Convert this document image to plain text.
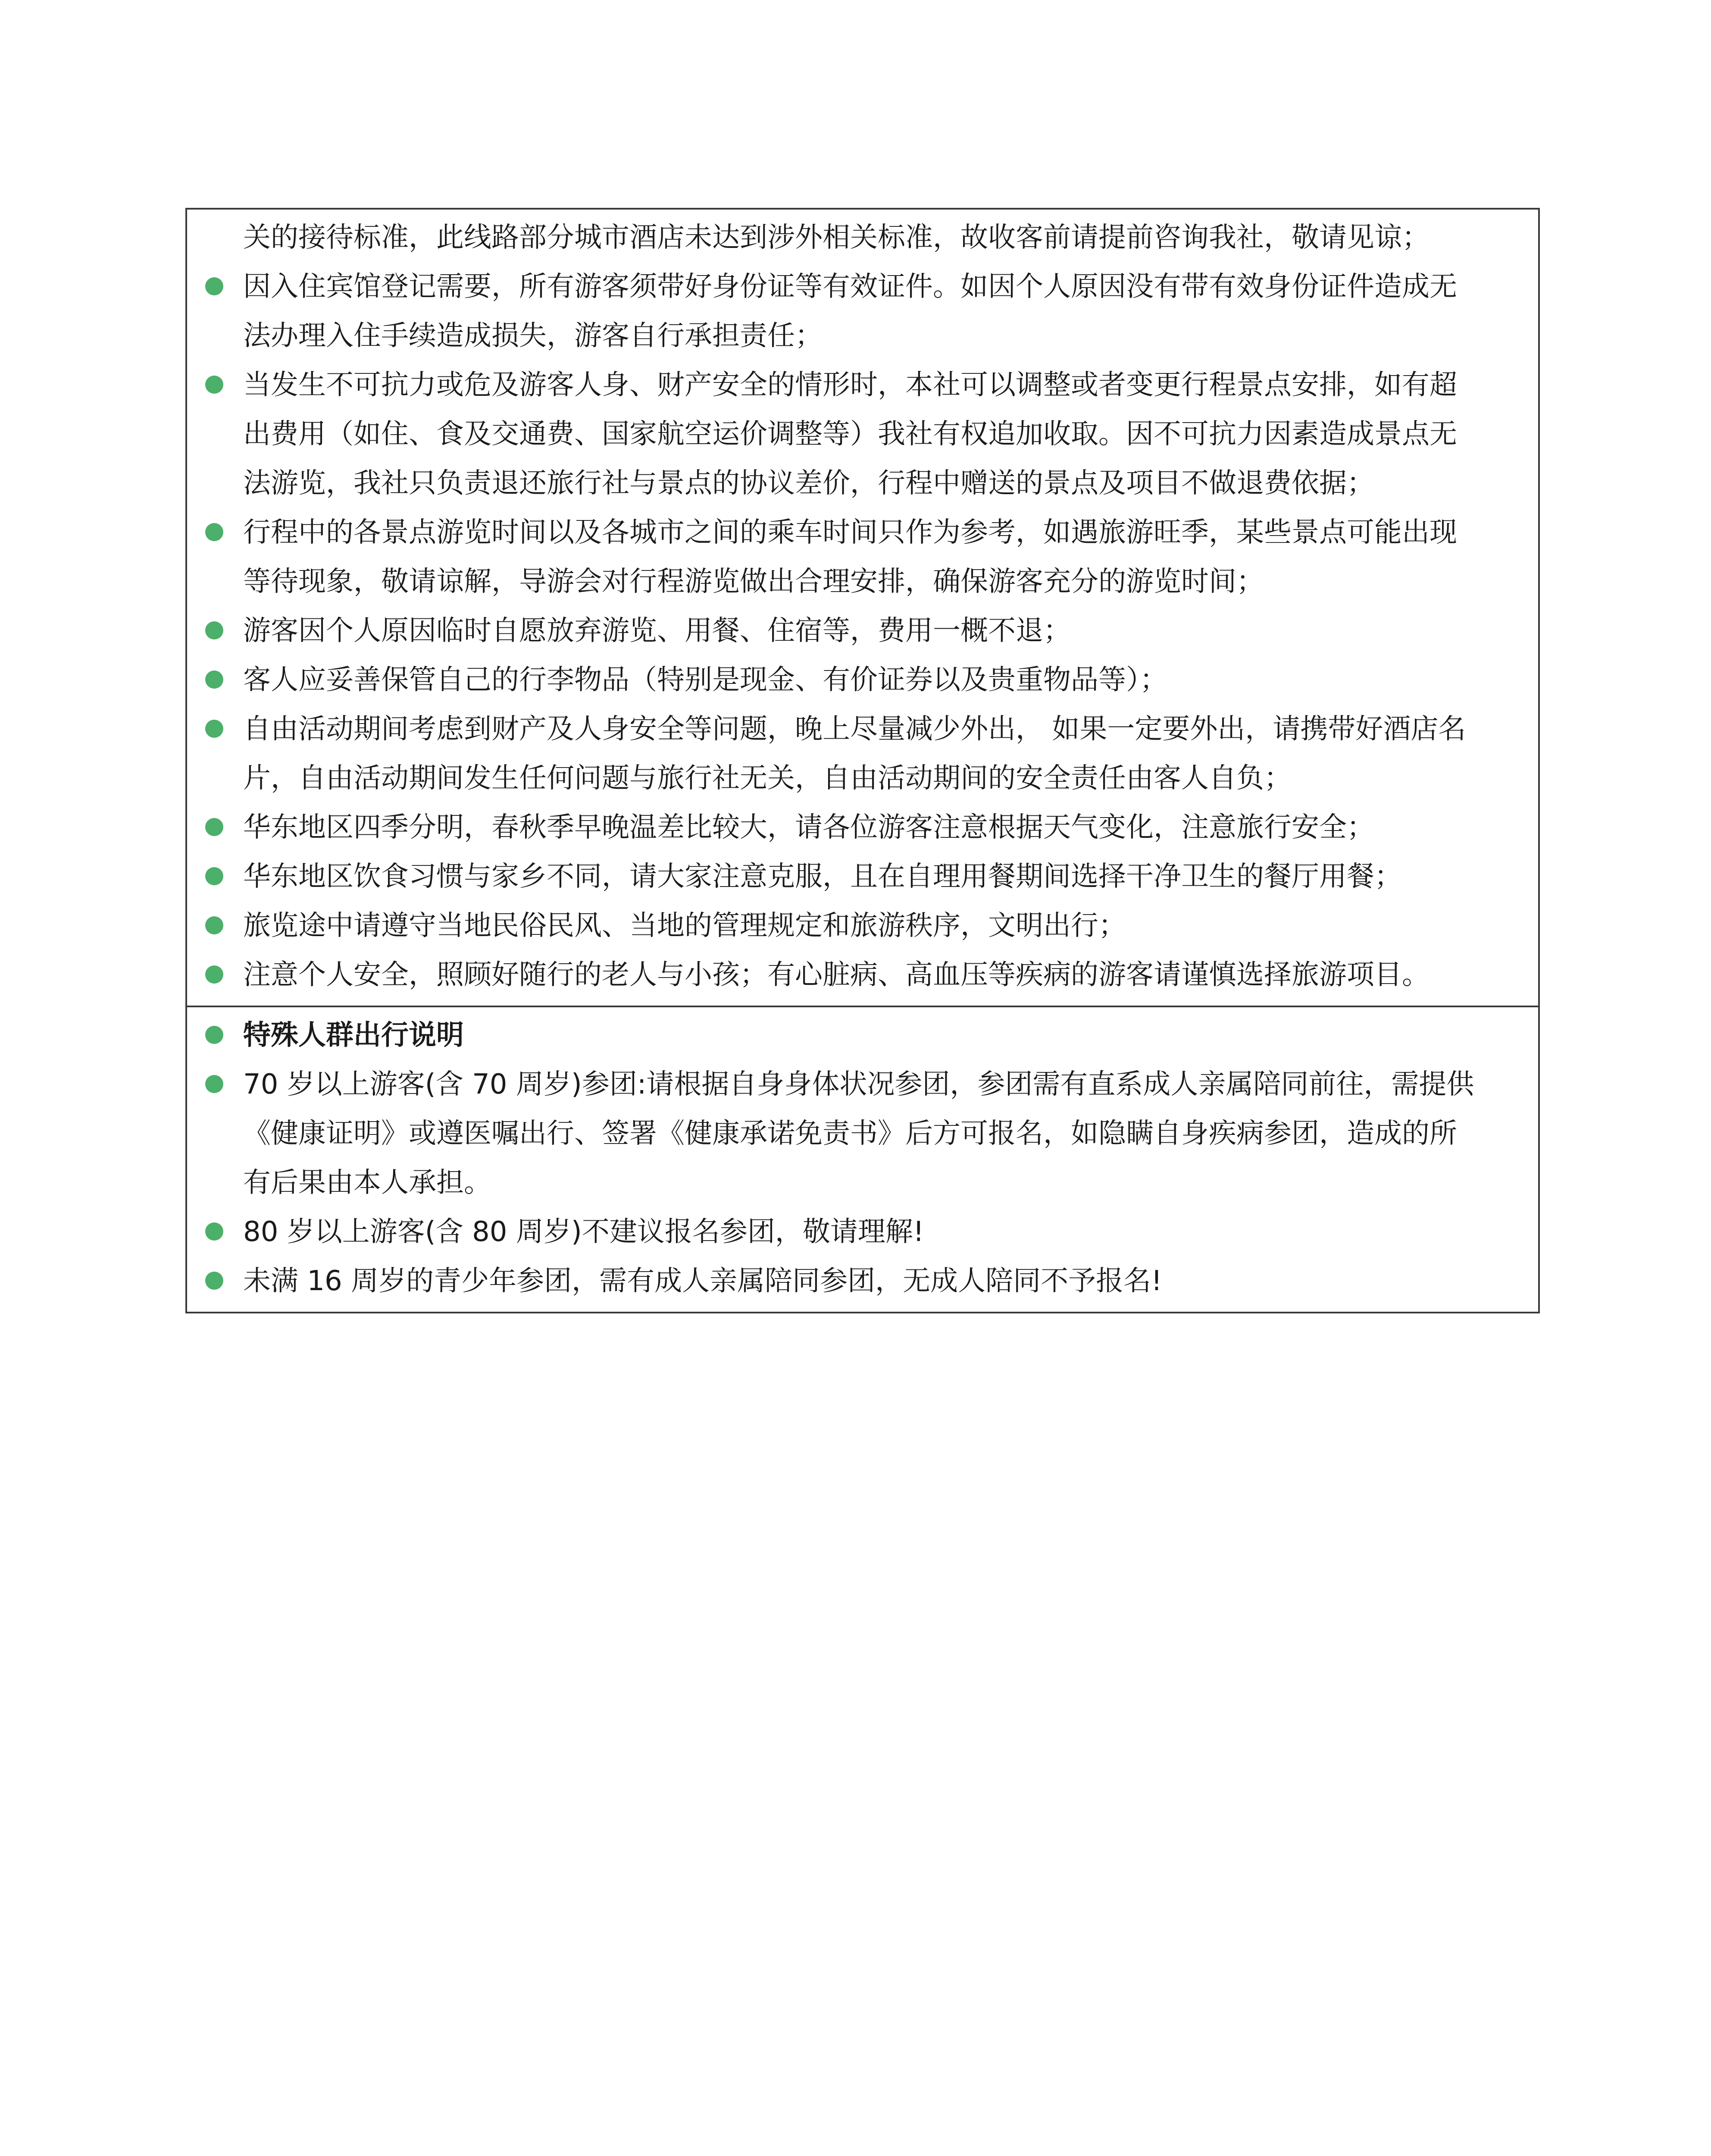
关的接待标准，此线路部分城市酒店未达到涉外相关标准，故收客前请提前咨询我社，敬请见谅；
因入住宾馆登记需要，所有游客须带好身份证等有效证件。如因个人原因没有带有效身份证件造成无
法办理入住手续造成损失，游客自行承担责任；
当发生不可抗力或危及游客人身、财产安全的情形时，本社可以调整或者变更行程景点安排，如有超
出费用（如住、食及交通费、国家航空运价调整等）我社有权追加收取。因不可抗力因素造成景点无
法游览，我社只负责退还旅行社与景点的协议差价，行程中赠送的景点及项目不做退费依据；
行程中的各景点游览时间以及各城市之间的乘车时间只作为参考，如遇旅游旺季，某些景点可能出现
等待现象，敬请谅解，导游会对行程游览做出合理安排，确保游客充分的游览时间；
游客因个人原因临时自愿放弃游览、用餐、住宿等，费用一概不退；
客人应妥善保管自己的行李物品（特别是现金、有价证券以及贵重物品等）；
自由活动期间考虑到财产及人身安全等问题，晚上尽量减少外出， 如果一定要外出，请携带好酒店名
片，自由活动期间发生任何问题与旅行社无关，自由活动期间的安全责任由客人自负；
华东地区四季分明，春秋季早晚温差比较大，请各位游客注意根据天气变化，注意旅行安全；
华东地区饮食习惯与家乡不同，请大家注意克服，且在自理用餐期间选择干净卫生的餐厅用餐；
旅览途中请遵守当地民俗民风、当地的管理规定和旅游秩序，文明出行；
注意个人安全，照顾好随行的老人与小孩；有心脏病、高血压等疾病的游客请谨慎选择旅游项目。

特殊人群出行说明
70 岁以上游客(含 70 周岁)参团:请根据自身身体状况参团，参团需有直系成人亲属陪同前往，需提供
《健康证明》或遵医嘱出行、签署《健康承诺免责书》后方可报名，如隐瞒自身疾病参团，造成的所
有后果由本人承担。
80 岁以上游客(含 80 周岁)不建议报名参团，敬请理解!
未满 16 周岁的青少年参团，需有成人亲属陪同参团，无成人陪同不予报名!
